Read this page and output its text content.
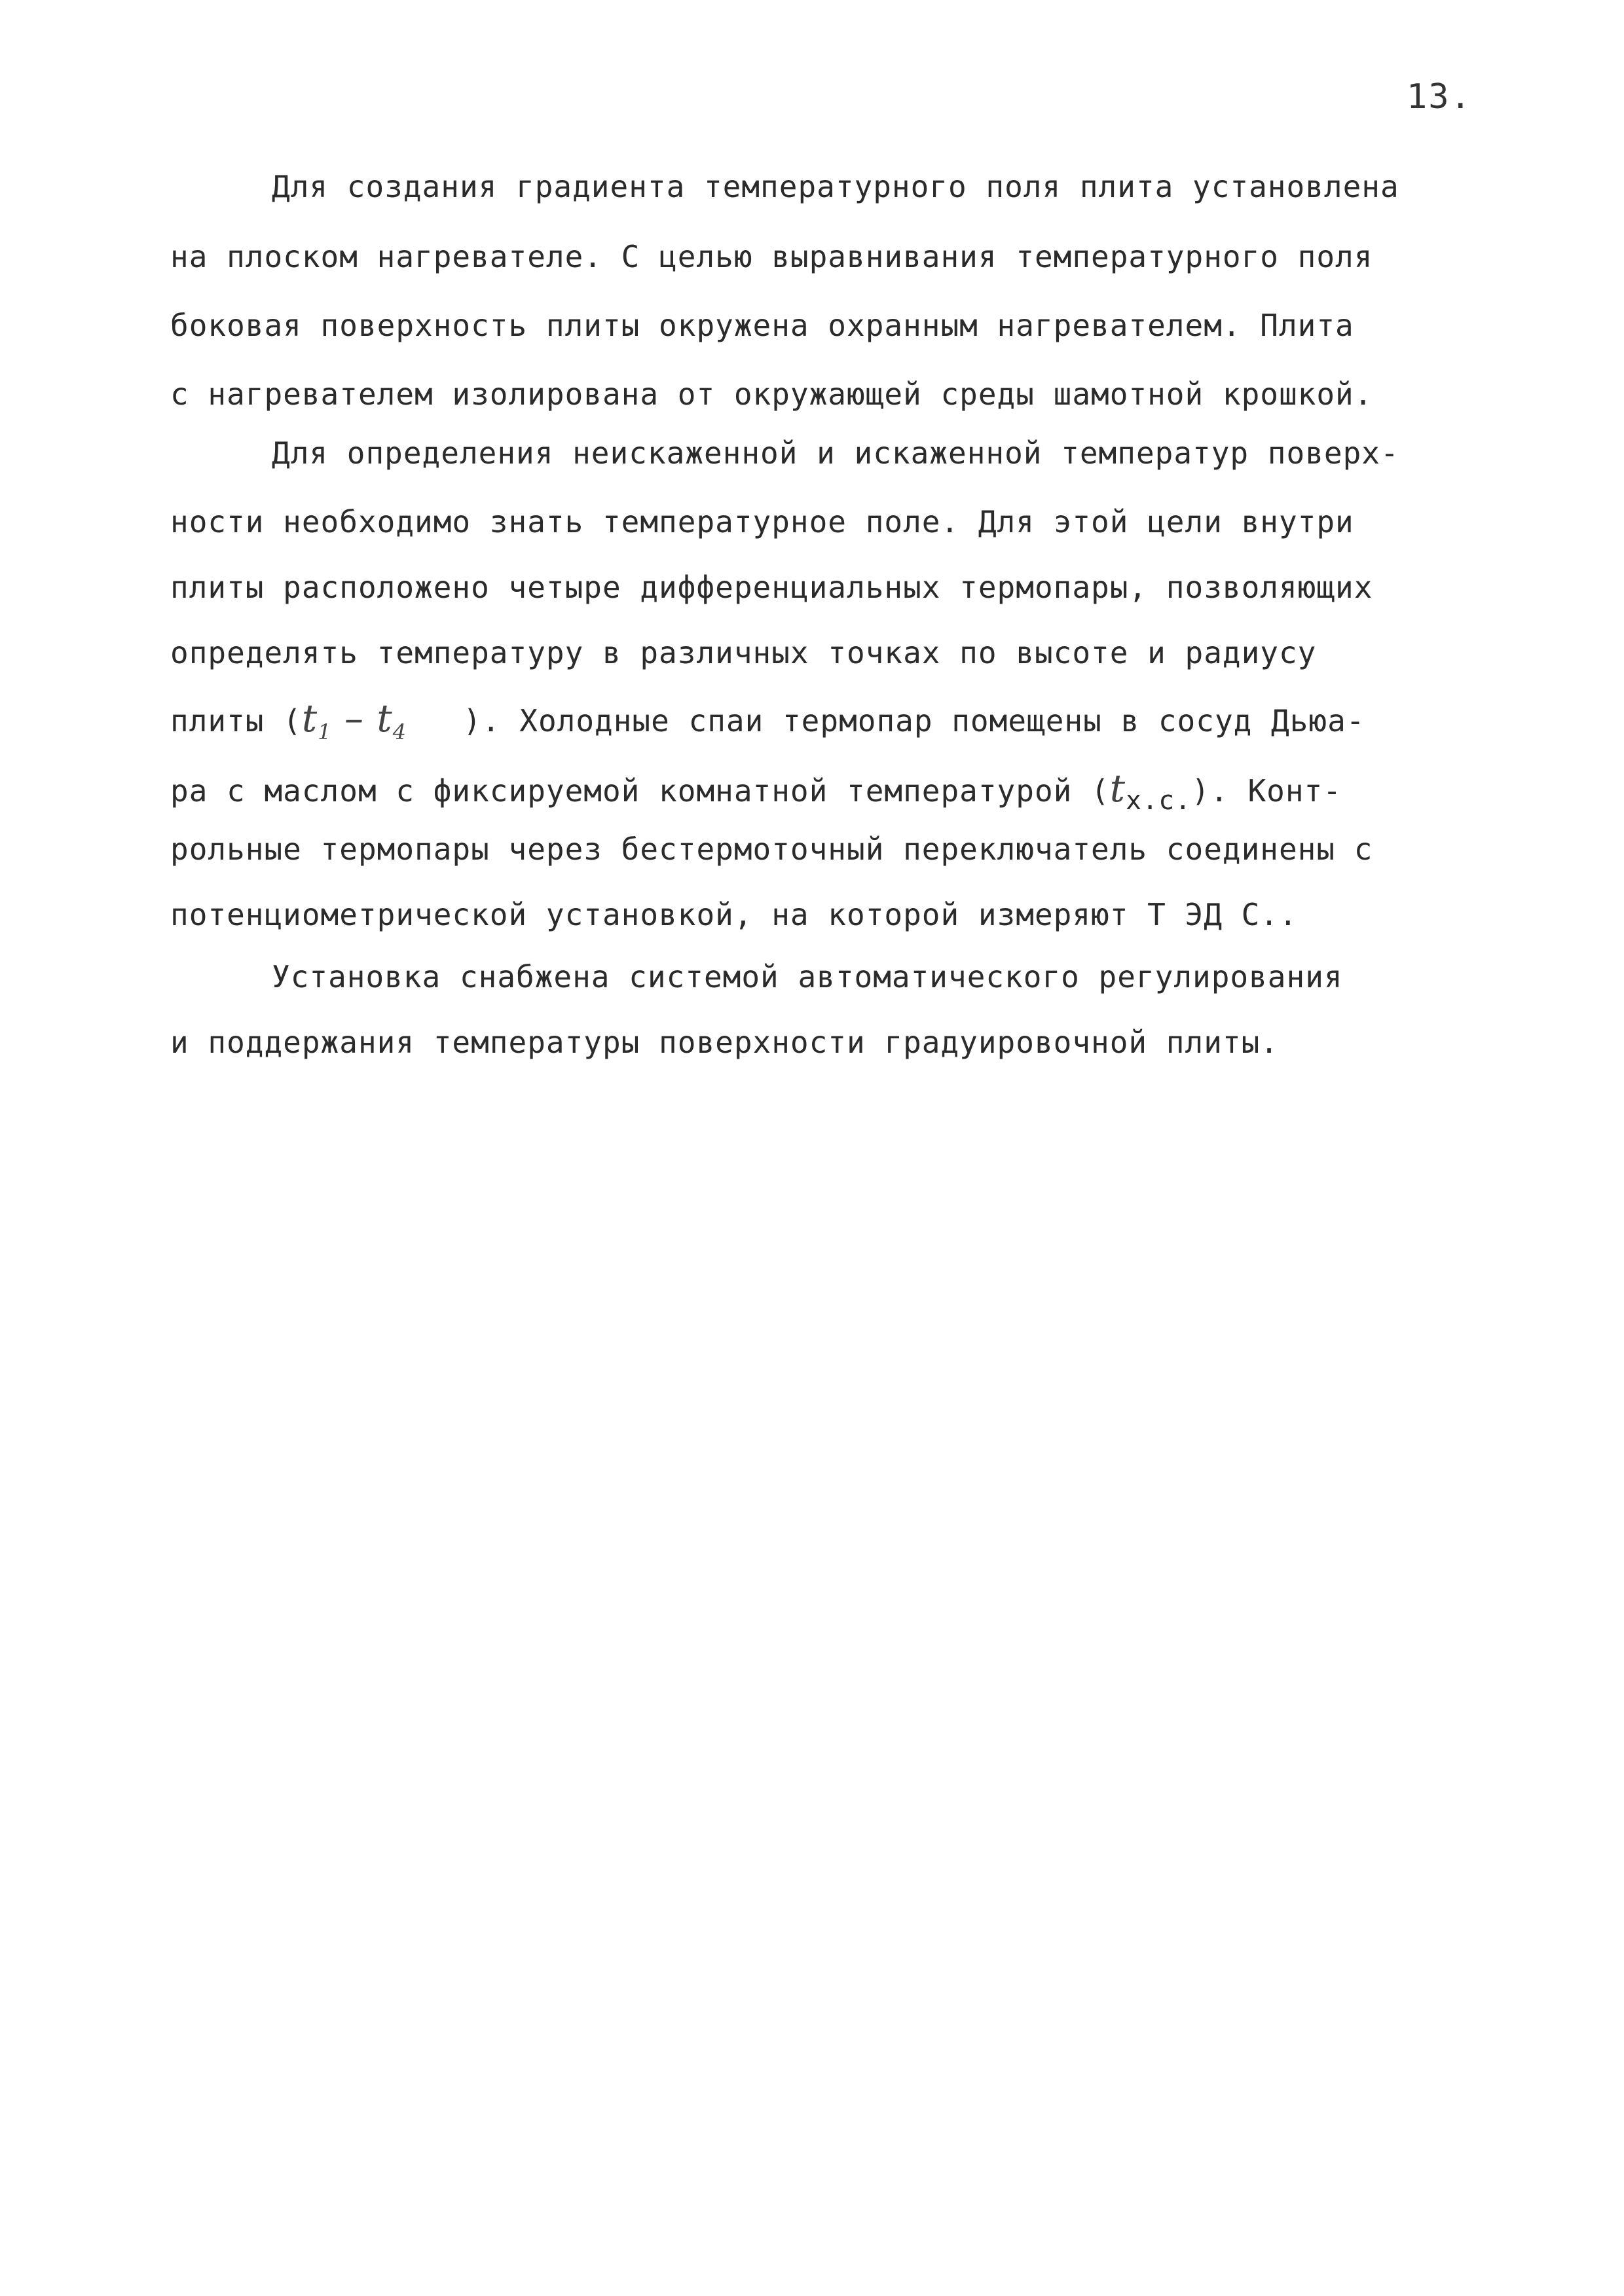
13.
Для создания градиента температурного поля плита установлена
на плоском нагревателе. С целью выравнивания температурного поля
боковая поверхность плиты окружена охранным нагревателем. Плита
с нагревателем изолирована от окружающей среды шамотной крошкой.
Для определения неискаженной и искаженной температур поверх-
ности необходимо знать температурное поле. Для этой цели внутри
плиты расположено четыре дифференциальных термопары, позволяющих
определять температуру в различных точках по высоте и радиусу
плиты ($t_1 - t_4$   ). Холодные спаи термопар помещены в сосуд Дьюа-
ра с маслом с фиксируемой комнатной температурой $(t_{х.с.})$. Конт-
рольные термопары через бестермоточный переключатель соединены с
потенциометрической установкой, на которой измеряют Т ЭД С..
Установка снабжена системой автоматического регулирования
и поддержания температуры поверхности градуировочной плиты.
